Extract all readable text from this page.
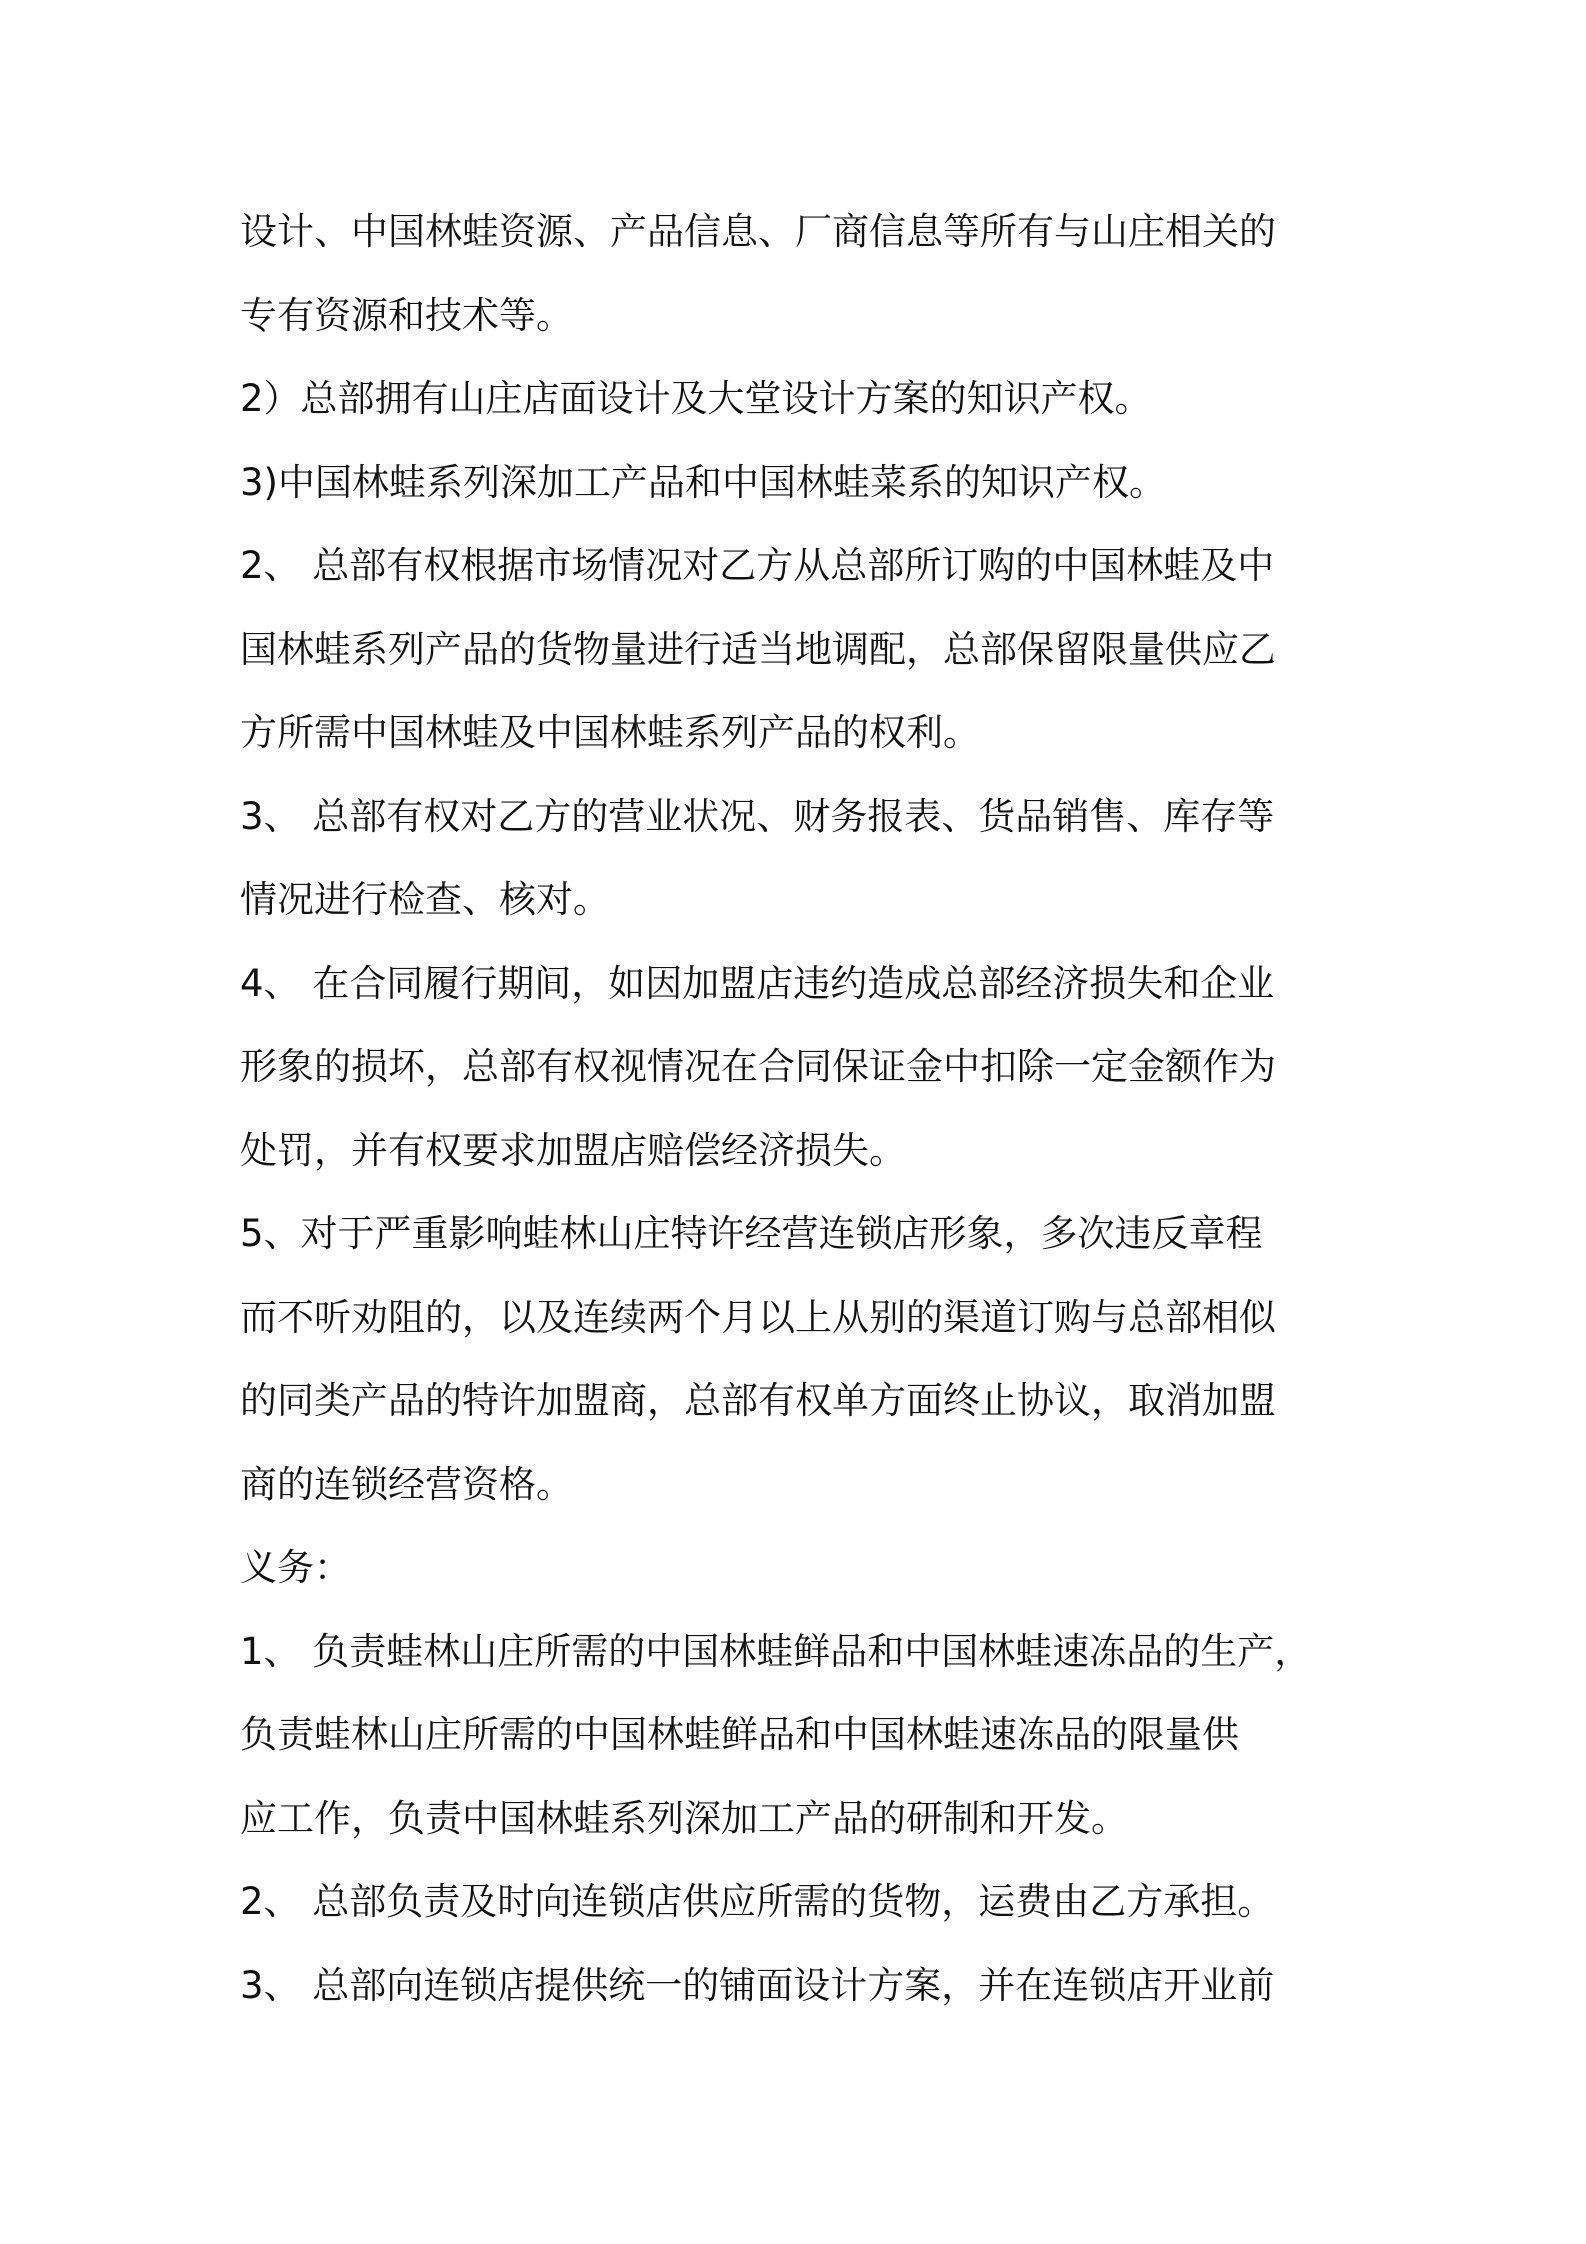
设计、中国林蛙资源、产品信息、厂商信息等所有与山庄相关的
专有资源和技术等。
2）总部拥有山庄店面设计及大堂设计方案的知识产权。
3)中国林蛙系列深加工产品和中国林蛙菜系的知识产权。
2、 总部有权根据市场情况对乙方从总部所订购的中国林蛙及中
国林蛙系列产品的货物量进行适当地调配，总部保留限量供应乙
方所需中国林蛙及中国林蛙系列产品的权利。
3、 总部有权对乙方的营业状况、财务报表、货品销售、库存等
情况进行检查、核对。
4、 在合同履行期间，如因加盟店违约造成总部经济损失和企业
形象的损坏，总部有权视情况在合同保证金中扣除一定金额作为
处罚，并有权要求加盟店赔偿经济损失。
5、对于严重影响蛙林山庄特许经营连锁店形象，多次违反章程
而不听劝阻的，以及连续两个月以上从别的渠道订购与总部相似
的同类产品的特许加盟商，总部有权单方面终止协议，取消加盟
商的连锁经营资格。
义务：
1、 负责蛙林山庄所需的中国林蛙鲜品和中国林蛙速冻品的生产，
负责蛙林山庄所需的中国林蛙鲜品和中国林蛙速冻品的限量供
应工作，负责中国林蛙系列深加工产品的研制和开发。
2、 总部负责及时向连锁店供应所需的货物，运费由乙方承担。
3、 总部向连锁店提供统一的铺面设计方案，并在连锁店开业前
